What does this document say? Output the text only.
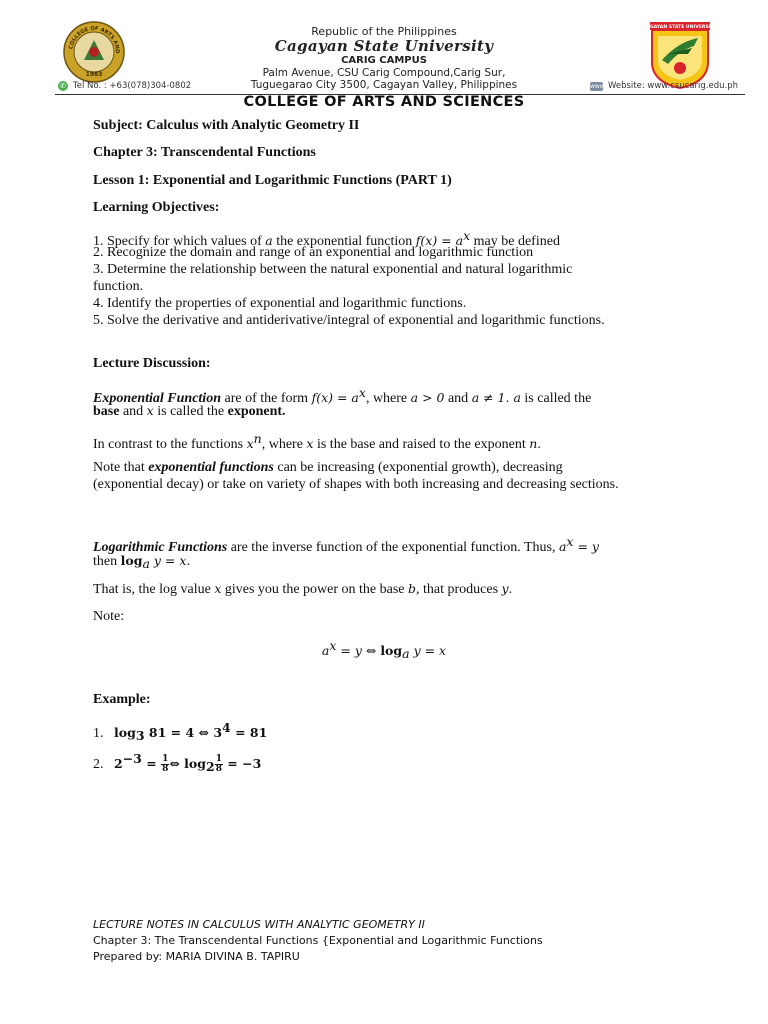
COLLEGE OF ARTS AND
1983
Republic of the Philippines
Cagayan State University
CARIG CAMPUS
Palm Avenue, CSU Carig Compound,Carig Sur,
Tuguegarao City 3500, Cagayan Valley, Philippines
CAGAYAN STATE UNIVERSITY
✆ Tel No. : +63(078)304-0802	www Website: www.csucarig.edu.ph
COLLEGE OF ARTS AND SCIENCES
Subject: Calculus with Analytic Geometry II
Chapter 3: Transcendental Functions
Lesson 1: Exponential and Logarithmic Functions (PART 1)
Learning Objectives:
1. Specify for which values of a the exponential function $f(x) = a^x$ may be defined
2. Recognize the domain and range of an exponential and logarithmic function
3. Determine the relationship between the natural exponential and natural logarithmic
function.
4. Identify the properties of exponential and logarithmic functions.
5. Solve the derivative and antiderivative/integral of exponential and logarithmic functions.
Lecture Discussion:
Exponential Function are of the form $f(x) = a^x$, where a > 0 and a ≠ 1. a is called the
base and x is called the exponent.
In contrast to the functions $x^n$, where x is the base and raised to the exponent n.
Note that exponential functions can be increasing (exponential growth), decreasing
(exponential decay) or take on variety of shapes with both increasing and decreasing sections.
Logarithmic Functions are the inverse function of the exponential function. Thus, $a^x = y$
then $\log_a y = x$.
That is, the log value x gives you the power on the base b, that produces y.
Note:
$a^x = y$ ⇔ $\log_a y = x$
Example:
1. $\log_3 81 = 4$ ⇔ $3^4 = 81$
2. $2^{-3} = \frac{1}{8}$ ⇔ $\log_2 \frac{1}{8} = -3$
LECTURE NOTES IN CALCULUS WITH ANALYTIC GEOMETRY II
Chapter 3: The Transcendental Functions {Exponential and Logarithmic Functions
Prepared by: MARIA DIVINA B. TAPIRU
